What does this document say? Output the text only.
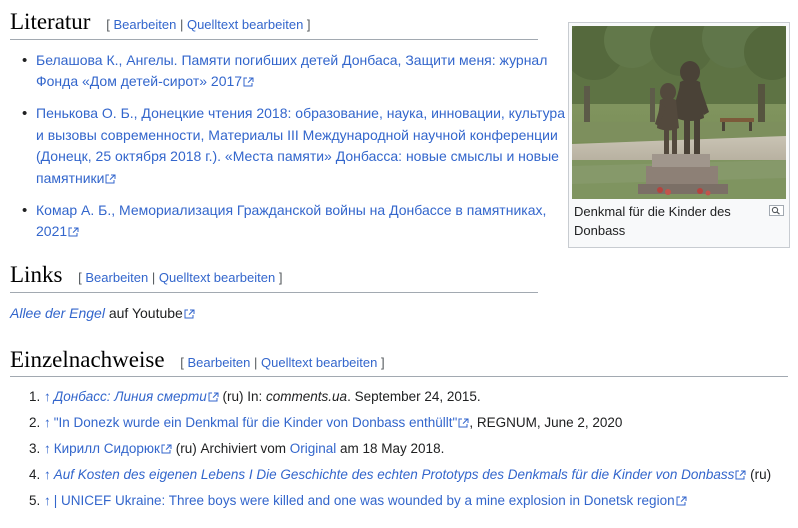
Denkmal für die Kinder des Donbass
Literatur [ Bearbeiten | Quelltext bearbeiten ]
• Белашова К., Ангелы. Памяти погибших детей Донбаса, Защити меня: журнал Фонда «Дом детей-сирот» 2017
• Пенькова О. Б., Донецкие чтения 2018: образование, наука, инновации, культура и вызовы современности, Материалы III Международной научной конференции (Донецк, 25 октября 2018 г.). «Места памяти» Донбасса: новые смыслы и новые памятники
• Комар А. Б., Мемориализация Гражданской войны на Донбассе в памятниках, 2021
Links [ Bearbeiten | Quelltext bearbeiten ]
Allee der Engel auf Youtube
Einzelnachweise [ Bearbeiten | Quelltext bearbeiten ]
1. ↑ Донбасс: Линия смерти (ru) In: comments.ua. September 24, 2015.
2. ↑ "In Donezk wurde ein Denkmal für die Kinder von Donbass enthüllt" , REGNUM, June 2, 2020
3. ↑ Кирилл Сидорюк (ru) Archiviert vom Original am 18 May 2018.
4. ↑ Auf Kosten des eigenen Lebens I Die Geschichte des echten Prototyps des Denkmals für die Kinder von Donbass (ru)
5. ↑ | UNICEF Ukraine: Three boys were killed and one was wounded by a mine explosion in Donetsk region
